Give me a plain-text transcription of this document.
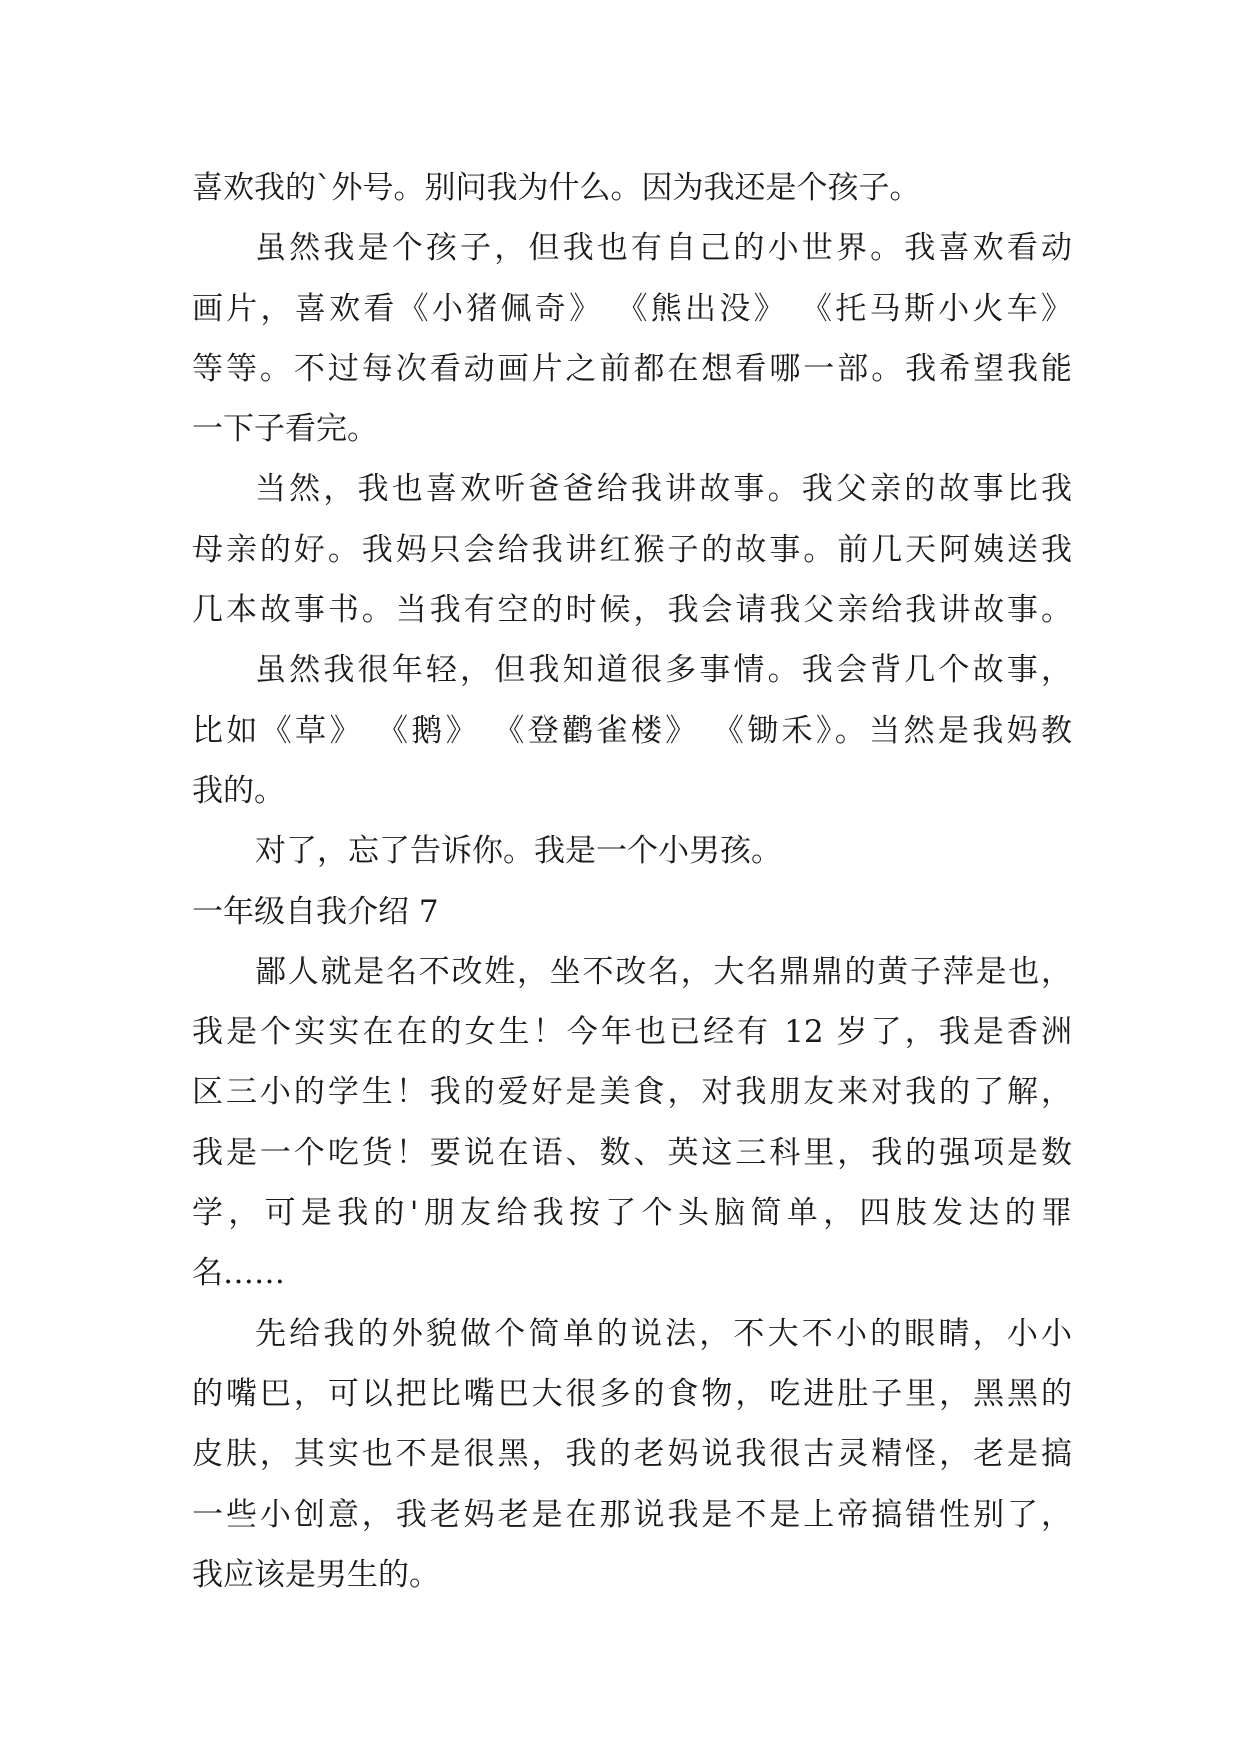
喜欢我的`外号。别问我为什么。因为我还是个孩子。
虽然我是个孩子，但我也有自己的小世界。我喜欢看动
画片，喜欢看《小猪佩奇》 《熊出没》 《托马斯小火车》
等等。不过每次看动画片之前都在想看哪一部。我希望我能
一下子看完。
当然，我也喜欢听爸爸给我讲故事。我父亲的故事比我
母亲的好。我妈只会给我讲红猴子的故事。前几天阿姨送我
几本故事书。当我有空的时候，我会请我父亲给我讲故事。
虽然我很年轻，但我知道很多事情。我会背几个故事，
比如《草》 《鹅》 《登鹳雀楼》 《锄禾》。当然是我妈教
我的。
对了，忘了告诉你。我是一个小男孩。
一年级自我介绍 7
鄙人就是名不改姓，坐不改名，大名鼎鼎的黄子萍是也，
我是个实实在在的女生！今年也已经有 12 岁了，我是香洲
区三小的学生！我的爱好是美食，对我朋友来对我的了解，
我是一个吃货！要说在语、数、英这三科里，我的强项是数
学，可是我的'朋友给我按了个头脑简单，四肢发达的罪
名……
先给我的外貌做个简单的说法，不大不小的眼睛，小小
的嘴巴，可以把比嘴巴大很多的食物，吃进肚子里，黑黑的
皮肤，其实也不是很黑，我的老妈说我很古灵精怪，老是搞
一些小创意，我老妈老是在那说我是不是上帝搞错性别了，
我应该是男生的。
